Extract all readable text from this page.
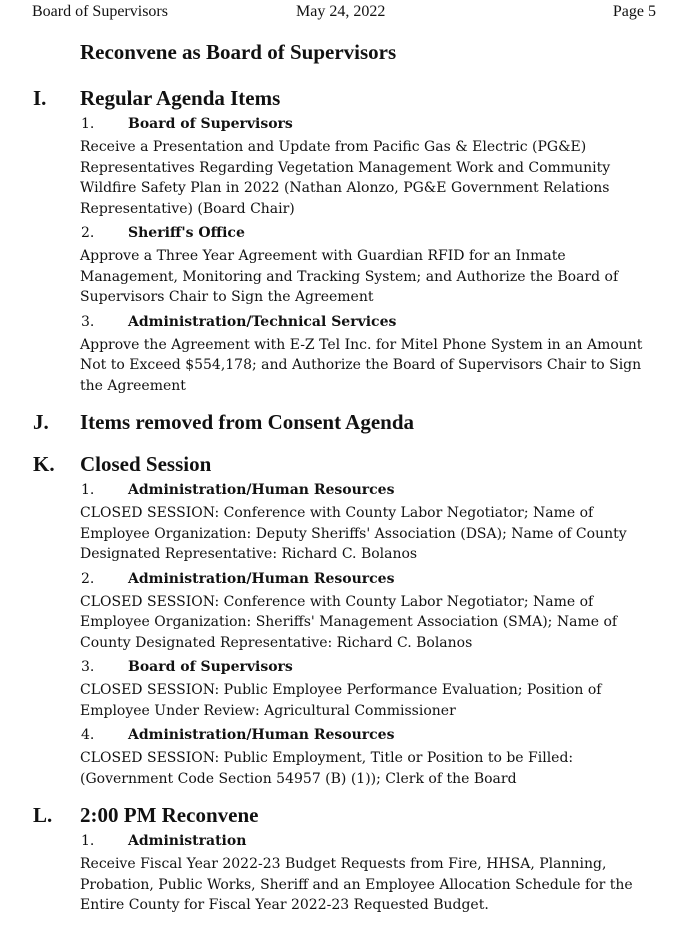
Board of Supervisors	May 24, 2022	Page 5
Reconvene as Board of Supervisors
I. Regular Agenda Items
1. Board of Supervisors
Receive a Presentation and Update from Pacific Gas & Electric (PG&E) Representatives Regarding Vegetation Management Work and Community Wildfire Safety Plan in 2022 (Nathan Alonzo, PG&E Government Relations Representative) (Board Chair)
2. Sheriff's Office
Approve a Three Year Agreement with Guardian RFID for an Inmate Management, Monitoring and Tracking System; and Authorize the Board of Supervisors Chair to Sign the Agreement
3. Administration/Technical Services
Approve the Agreement with E-Z Tel Inc. for Mitel Phone System in an Amount Not to Exceed $554,178; and Authorize the Board of Supervisors Chair to Sign the Agreement
J. Items removed from Consent Agenda
K. Closed Session
1. Administration/Human Resources
CLOSED SESSION: Conference with County Labor Negotiator; Name of Employee Organization: Deputy Sheriffs' Association (DSA); Name of County Designated Representative: Richard C. Bolanos
2. Administration/Human Resources
CLOSED SESSION: Conference with County Labor Negotiator; Name of Employee Organization: Sheriffs' Management Association (SMA); Name of County Designated Representative: Richard C. Bolanos
3. Board of Supervisors
CLOSED SESSION: Public Employee Performance Evaluation; Position of Employee Under Review: Agricultural Commissioner
4. Administration/Human Resources
CLOSED SESSION: Public Employment, Title or Position to be Filled: (Government Code Section 54957 (B) (1)); Clerk of the Board
L. 2:00 PM Reconvene
1. Administration
Receive Fiscal Year 2022-23 Budget Requests from Fire, HHSA, Planning, Probation, Public Works, Sheriff and an Employee Allocation Schedule for the Entire County for Fiscal Year 2022-23 Requested Budget.
